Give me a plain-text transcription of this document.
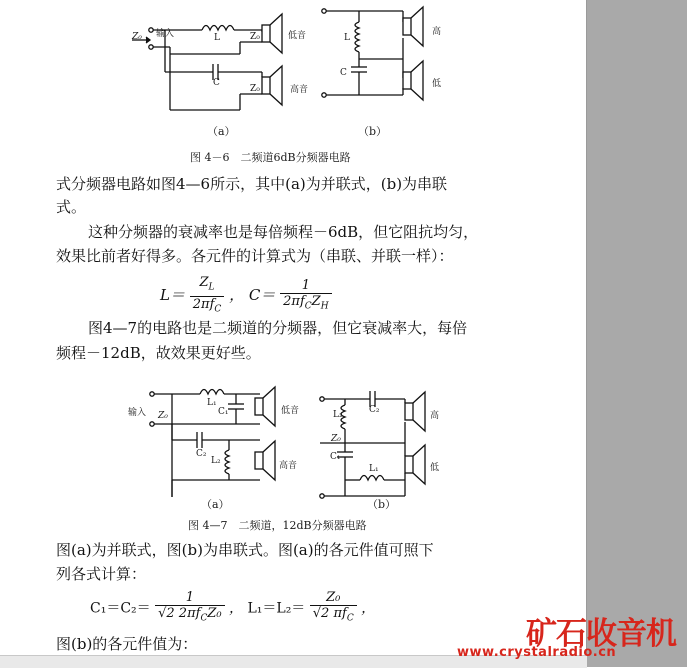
输入
Z₀	L	Z₀	低音
C
Z₀	高音
（a）
L
C
高
低
（b）
图 4－6　二频道6dB分频器电路
式分频器电路如图4—6所示，其中(a)为并联式，(b)为串联
式。
这种分频器的衰减率也是每倍频程－6dB，但它阻抗均匀，
效果比前者好得多。各元件的计算式为（串联、并联一样）：
$L= \frac{Z_L}{2\pi f_C}$ ， $C= \frac{1}{2\pi f_CZ_H}$
图4—7的电路也是二频道的分频器，但它衰减率大，每倍
频程－12dB，故效果更好些。
输入 Z₀
L₁
C₁	低音
C₂
L₂	高音
（a）
C₂
L₂
Z₀
C₁
L₁
高
低
（b）
图 4—7　二频道，12dB分频器电路
图(a)为并联式，图(b)为串联式。图(a)的各元件值可照下
列各式计算：
$C_1=C_2= \frac{1}{√2 2\pi f_CZ_0}$ ， $L_1=L_2= \frac{\text{Z₀}}{√2 \pi f_C}$ ，
图(b)的各元件值为：	矿石收音机
www.crystalradio.cn
